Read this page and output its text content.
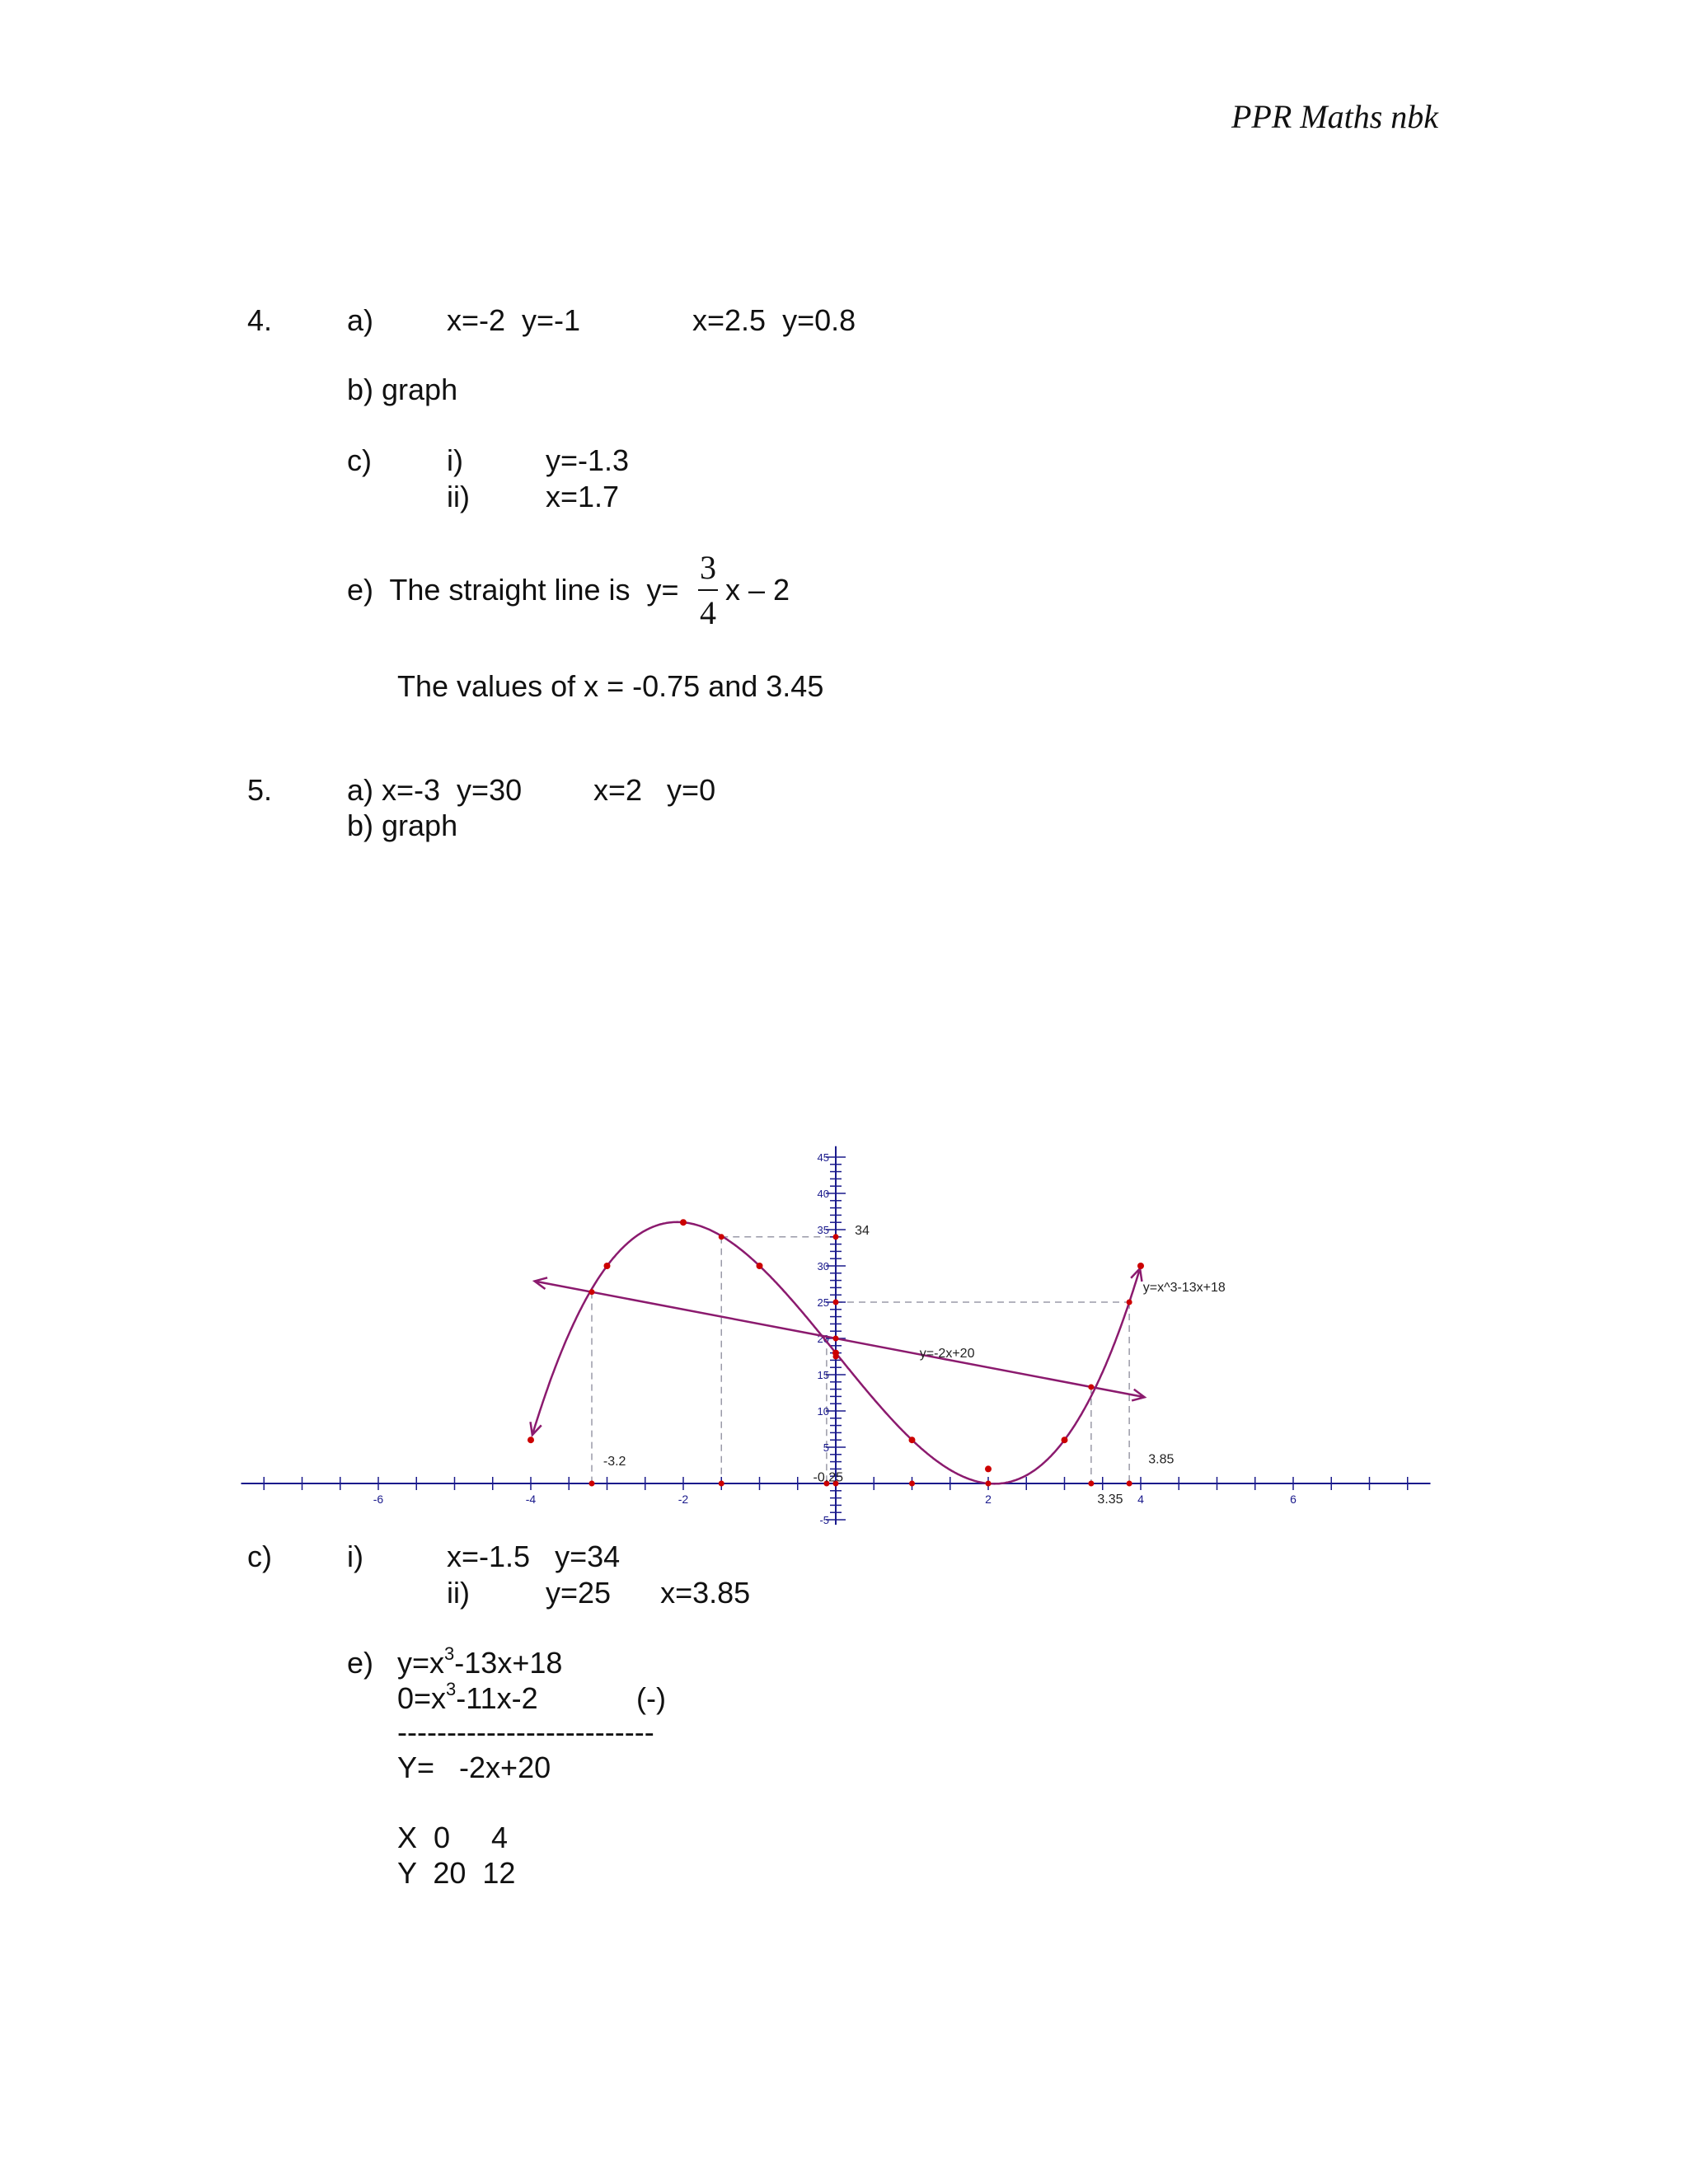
PPR Maths nbk
4.	a) x=-2  y=-1	x=2.5  y=0.8
b) graph
c)	i)	y=-1.3
ii)	x=1.7
e)  The straight line is  y=
3
4
x – 2
The values of x = -0.75 and 3.45
5.	a) x=-3  y=30 x=2   y=0
b) graph
-6	-4	-2	2	4	6
-5
5
10
15
20
25
30
35
40
45
y=x^3-13x+18
y=-2x+20
34
-3.2
-0.25
3.35
3.85
c)	i)	x=-1.5   y=34
ii)	y=25      x=3.85
e) $y=x^3-13x+18$
$0=x^3-11x-2$	(-)
--------------------------
Y=   -2x+20
X  0     4
Y  20  12
